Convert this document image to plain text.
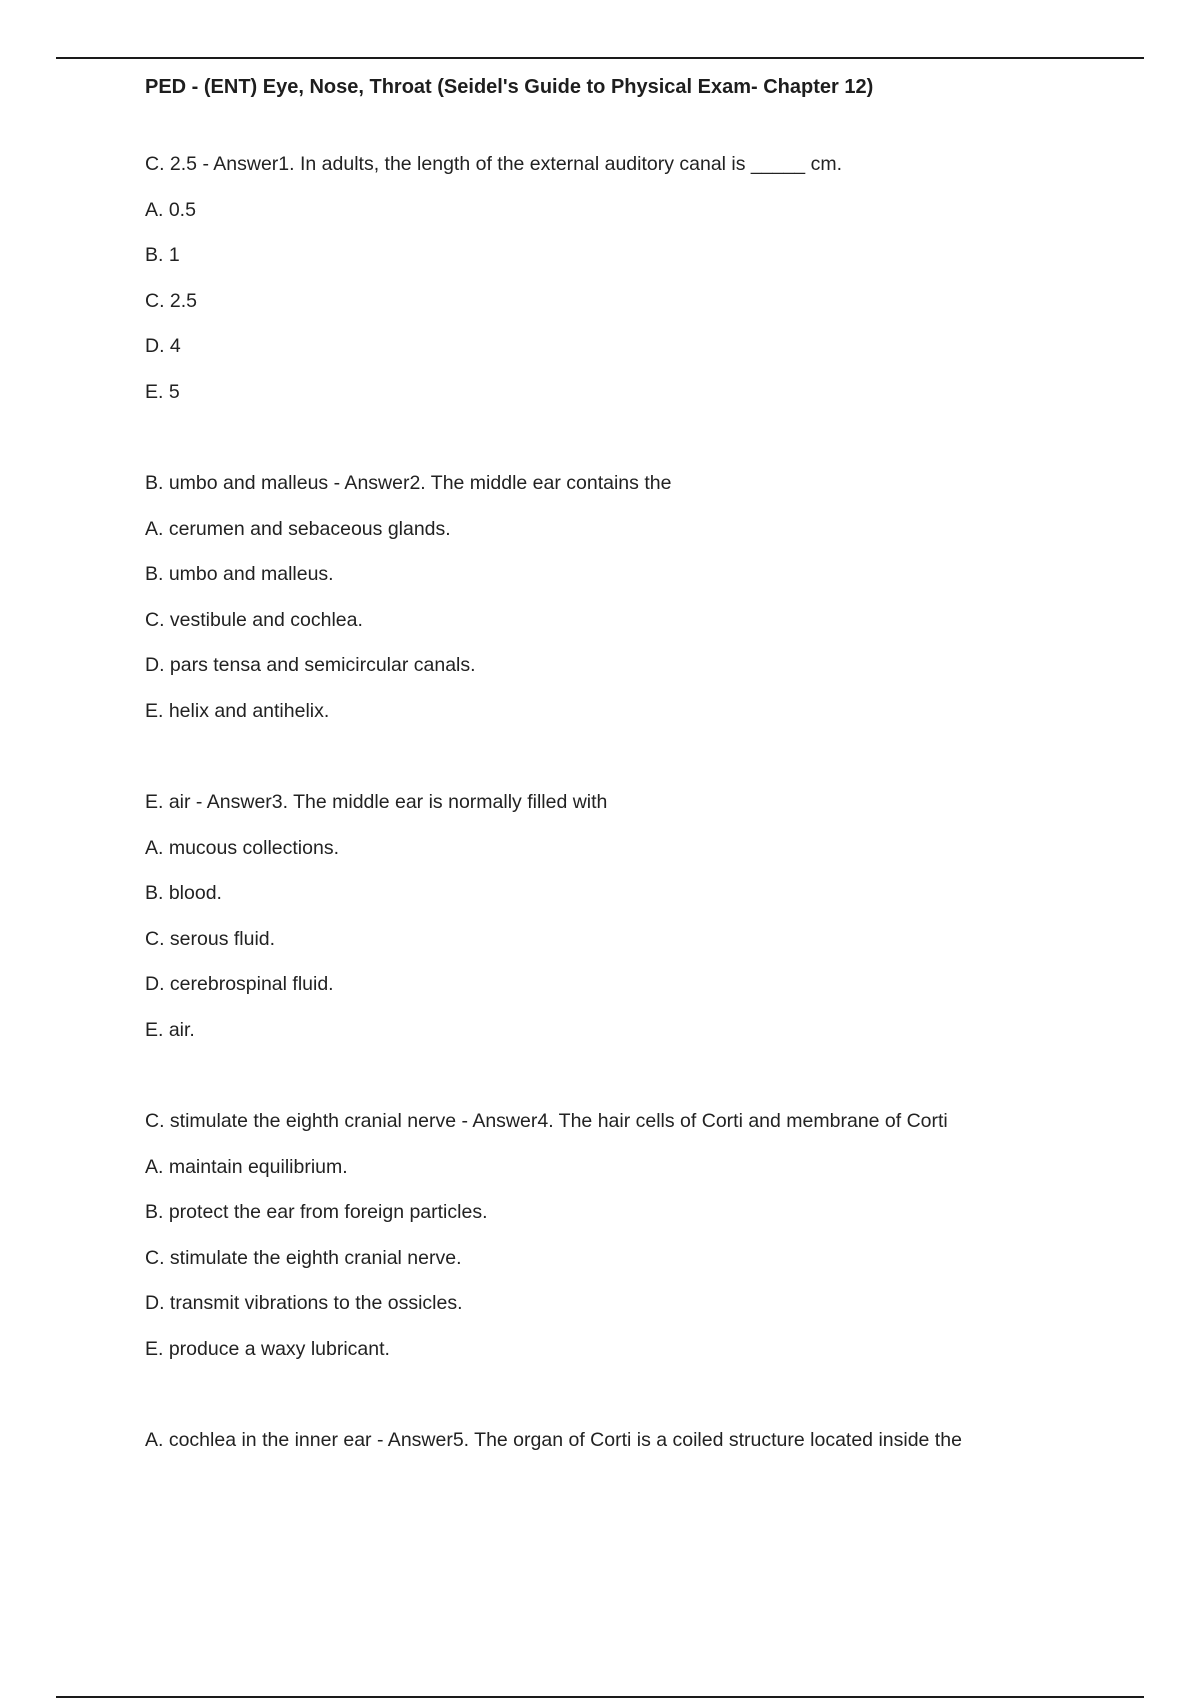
PED - (ENT) Eye, Nose, Throat (Seidel's Guide to Physical Exam- Chapter 12)
C. 2.5 - Answer1. In adults, the length of the external auditory canal is _____ cm.
A. 0.5
B. 1
C. 2.5
D. 4
E. 5
B. umbo and malleus - Answer2. The middle ear contains the
A. cerumen and sebaceous glands.
B. umbo and malleus.
C. vestibule and cochlea.
D. pars tensa and semicircular canals.
E. helix and antihelix.
E. air - Answer3. The middle ear is normally filled with
A. mucous collections.
B. blood.
C. serous fluid.
D. cerebrospinal fluid.
E. air.
C. stimulate the eighth cranial nerve - Answer4. The hair cells of Corti and membrane of Corti
A. maintain equilibrium.
B. protect the ear from foreign particles.
C. stimulate the eighth cranial nerve.
D. transmit vibrations to the ossicles.
E. produce a waxy lubricant.
A. cochlea in the inner ear - Answer5. The organ of Corti is a coiled structure located inside the
